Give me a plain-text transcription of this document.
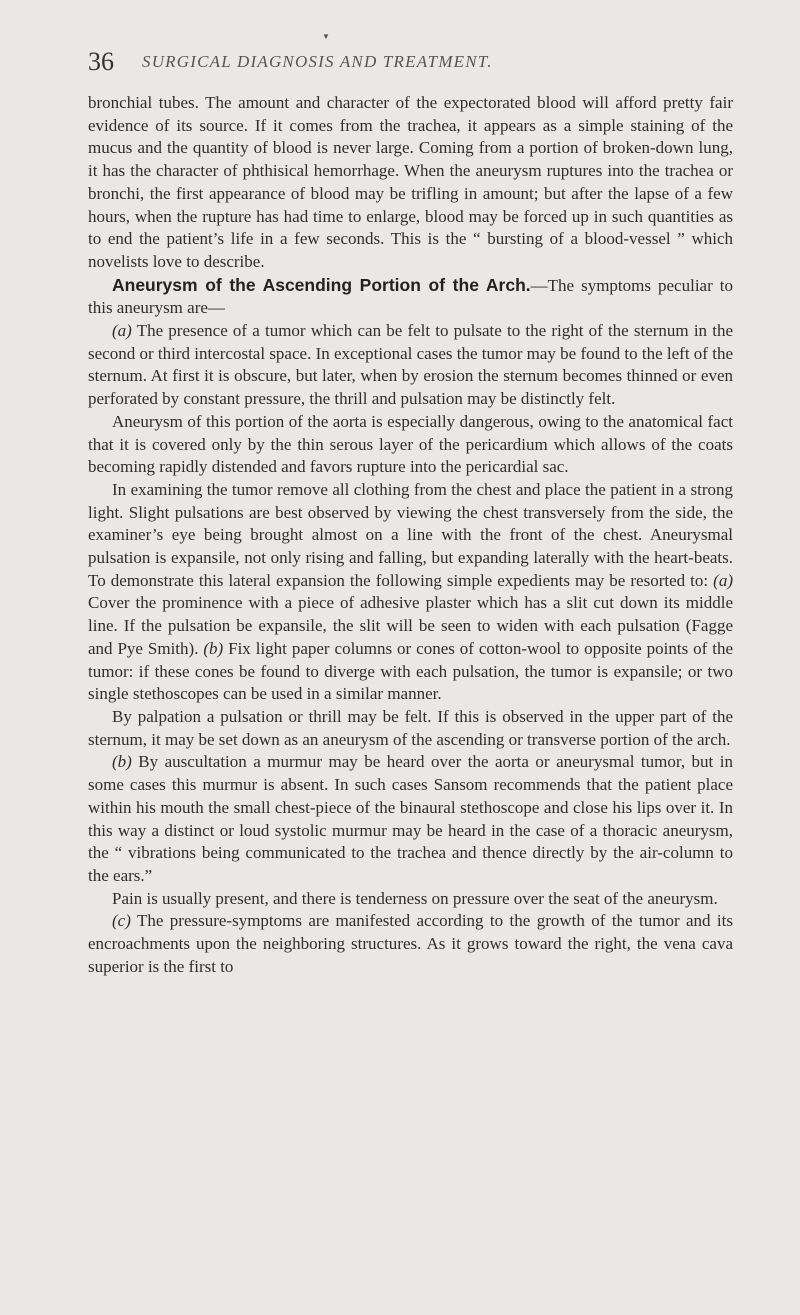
36
▼
SURGICAL DIAGNOSIS AND TREATMENT.

bronchial tubes. The amount and character of the expectorated blood will afford pretty fair evidence of its source. If it comes from the trachea, it appears as a simple staining of the mucus and the quantity of blood is never large. Coming from a portion of broken-down lung, it has the character of phthisical hemorrhage. When the aneurysm ruptures into the trachea or bronchi, the first appearance of blood may be trifling in amount; but after the lapse of a few hours, when the rupture has had time to enlarge, blood may be forced up in such quantities as to end the patient’s life in a few seconds. This is the “ bursting of a blood-vessel ” which novelists love to describe.

Aneurysm of the Ascending Portion of the Arch.—The symptoms peculiar to this aneurysm are—

(a) The presence of a tumor which can be felt to pulsate to the right of the sternum in the second or third intercostal space. In exceptional cases the tumor may be found to the left of the sternum. At first it is obscure, but later, when by erosion the sternum becomes thinned or even perforated by constant pressure, the thrill and pulsation may be distinctly felt.

Aneurysm of this portion of the aorta is especially dangerous, owing to the anatomical fact that it is covered only by the thin serous layer of the pericardium which allows of the coats becoming rapidly distended and favors rupture into the pericardial sac.

In examining the tumor remove all clothing from the chest and place the patient in a strong light. Slight pulsations are best observed by viewing the chest transversely from the side, the examiner’s eye being brought almost on a line with the front of the chest. Aneurysmal pulsation is expansile, not only rising and falling, but expanding laterally with the heart-beats. To demonstrate this lateral expansion the following simple expedients may be resorted to: (a) Cover the prominence with a piece of adhesive plaster which has a slit cut down its middle line. If the pulsation be expansile, the slit will be seen to widen with each pulsation (Fagge and Pye Smith). (b) Fix light paper columns or cones of cotton-wool to opposite points of the tumor: if these cones be found to diverge with each pulsation, the tumor is expansile; or two single stethoscopes can be used in a similar manner.

By palpation a pulsation or thrill may be felt. If this is observed in the upper part of the sternum, it may be set down as an aneurysm of the ascending or transverse portion of the arch.

(b) By auscultation a murmur may be heard over the aorta or aneurysmal tumor, but in some cases this murmur is absent. In such cases Sansom recommends that the patient place within his mouth the small chest-piece of the binaural stethoscope and close his lips over it. In this way a distinct or loud systolic murmur may be heard in the case of a thoracic aneurysm, the “ vibrations being communicated to the trachea and thence directly by the air-column to the ears.”

Pain is usually present, and there is tenderness on pressure over the seat of the aneurysm.

(c) The pressure-symptoms are manifested according to the growth of the tumor and its encroachments upon the neighboring structures. As it grows toward the right, the vena cava superior is the first to
